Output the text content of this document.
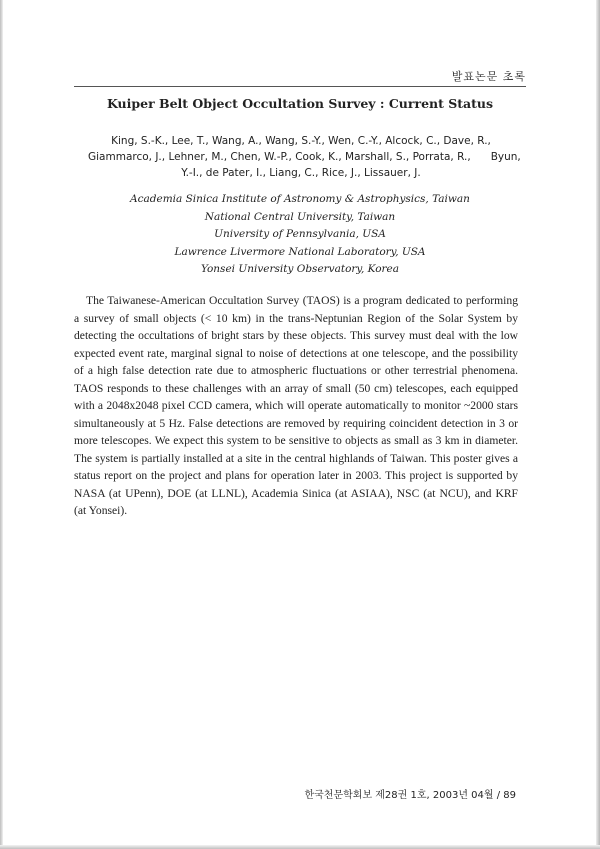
발표논문 초록
Kuiper Belt Object Occultation Survey : Current Status
King, S.-K., Lee, T., Wang, A., Wang, S.-Y., Wen, C.-Y., Alcock, C., Dave, R.,
Giammarco, J., Lehner, M., Chen, W.-P., Cook, K., Marshall, S., Porrata, R.,      Byun,
Y.-I., de Pater, I., Liang, C., Rice, J., Lissauer, J.
Academia Sinica Institute of Astronomy & Astrophysics, Taiwan
National Central University, Taiwan
University of Pennsylvania, USA
Lawrence Livermore National Laboratory, USA
Yonsei University Observatory, Korea
The Taiwanese-American Occultation Survey (TAOS) is a program dedicated to performing a survey of small objects (< 10 km) in the trans-Neptunian Region of the Solar System by detecting the occultations of bright stars by these objects. This survey must deal with the low expected event rate, marginal signal to noise of detections at one telescope, and the possibility of a high false detection rate due to atmospheric fluctuations or other terrestrial phenomena. TAOS responds to these challenges with an array of small (50 cm) telescopes, each equipped with a 2048x2048 pixel CCD camera, which will operate automatically to monitor ~2000 stars simultaneously at 5 Hz. False detections are removed by requiring coincident detection in 3 or more telescopes. We expect this system to be sensitive to objects as small as 3 km in diameter. The system is partially installed at a site in the central highlands of Taiwan. This poster gives a status report on the project and plans for operation later in 2003. This project is supported by NASA (at UPenn), DOE (at LLNL), Academia Sinica (at ASIAA), NSC (at NCU), and KRF (at Yonsei).
한국천문학회보 제28권 1호, 2003년 04월 / 89
